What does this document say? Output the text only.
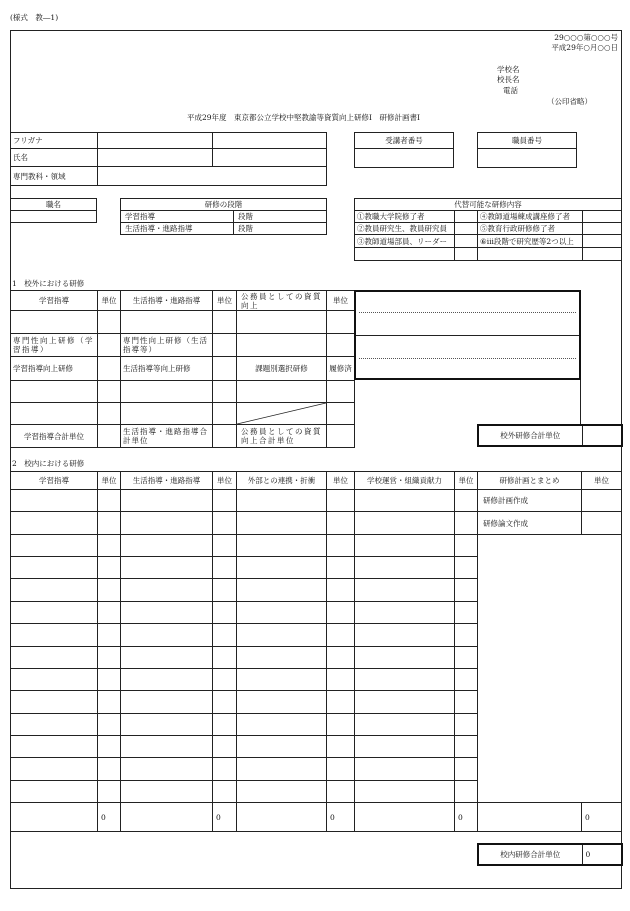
(様式　教―1)
29○○○第○○○号
平成29年○月○○日
学校名
校長名
電話
（公印省略）
平成29年度　東京都公立学校中堅教諭等資質向上研修Ⅰ　研修計画書Ⅰ
フリガナ		
氏名		
専門教科・領域		
受講者番号	職員番号

職名	研修の段階	
学習指導	段階
生活指導・進路指導	段階
代替可能な研修内容			
①教職大学院修了者		④教師道場練成講座修了者	
②教員研究生、教員研究員		⑤教育行政研修修了者	
③教師道場部員、リーダー		⑥iii段階で研究歴等2つ以上	

1　校外における研修
学習指導	単位	生活指導・進路指導	単位	公務員としての資質向上	単位

専門性向上研修（学習指導）		専門性向上研修（生活指導等）			
学習指導向上研修		生活指導等向上研修		課題別選択研修	履修済

学習指導合計単位		生活指導・進路指導合計単位		公務員としての資質向上合計単位	
校外研修合計単位	
2　校内における研修
学習指導	単位	生活指導・進路指導	単位	外部との連携・折衝	単位	学校運営・組織貢献力	単位	研修計画とまとめ	単位
								研修計画作成	
								研修論文作成	

	0		0		0		0		0
校内研修合計単位	0
